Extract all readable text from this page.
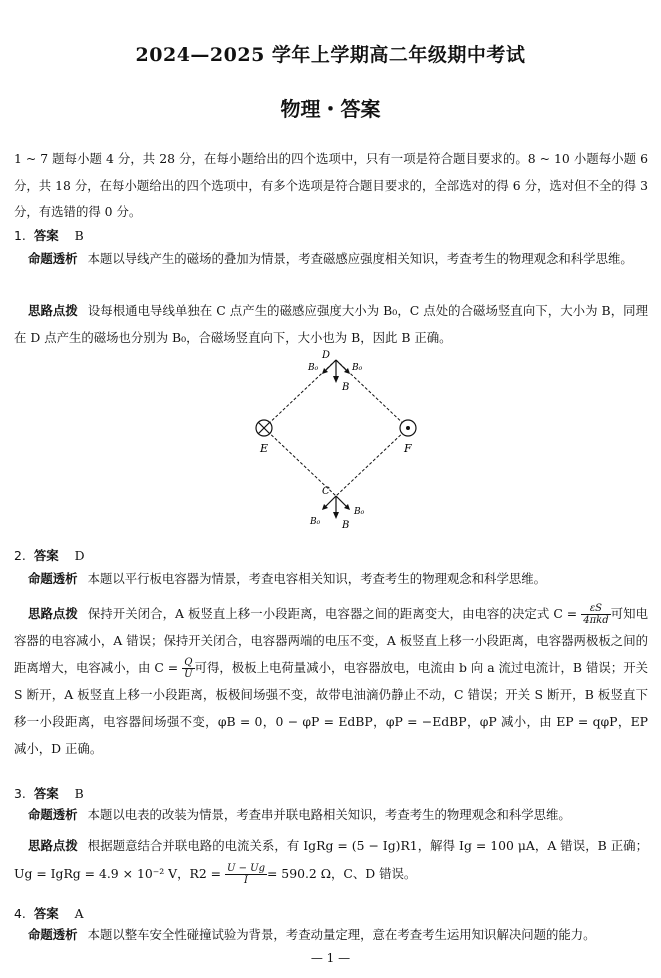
2024—2025 学年上学期高二年级期中考试
物理・答案
1 ~ 7 题每小题 4 分，共 28 分，在每小题给出的四个选项中，只有一项是符合题目要求的。8 ~ 10 小题每小题 6 分，共 18 分，在每小题给出的四个选项中，有多个选项是符合题目要求的，全部选对的得 6 分，选对但不全的得 3 分，有选错的得 0 分。
1. 答案 B
命题透析 本题以导线产生的磁场的叠加为情景，考查磁感应强度相关知识，考查考生的物理观念和科学思维。
思路点拨 设每根通电导线单独在 C 点产生的磁感应强度大小为 B₀，C 点处的合磁场竖直向下，大小为 B，同理在 D 点产生的磁场也分别为 B₀，合磁场竖直向下，大小也为 B，因此 B 正确。
E	F
D
B₀	B₀
B
C
B₀
B₀
B
2. 答案 D
命题透析 本题以平行板电容器为情景，考查电容相关知识，考查考生的物理观念和科学思维。
思路点拨 保持开关闭合，A 板竖直上移一小段距离，电容器之间的距离变大，由电容的决定式 $C = \frac{\varepsilon S}{\text{4πkd}}$ 可知电容器的电容减小，A 错误；保持开关闭合，电容器两端的电压不变，A 板竖直上移一小段距离，电容器两极板之间的距离增大，电容减小，由 $C = \frac{Q}{U}$ 可得，极板上电荷量减小，电容器放电，电流由 b 向 a 流过电流计，B 错误；开关 S 断开，A 板竖直上移一小段距离，板极间场强不变，故带电油滴仍静止不动，C 错误；开关 S 断开，B 板竖直下移一小段距离，电容器间场强不变，φB = 0，0 − φP = EdBP，φP = −EdBP，φP 减小，由 EP = qφP，EP 减小，D 正确。
3. 答案 B
命题透析 本题以电表的改装为情景，考查串并联电路相关知识，考查考生的物理观念和科学思维。
思路点拨 根据题意结合并联电路的电流关系，有 IgRg = (5 − Ig)R1，解得 Ig = 100 μA，A 错误，B 正确；Ug = IgRg = 4.9 × 10⁻² V，$R2 = \frac{U - Ug}{I} = 590.2$ Ω，C、D 错误。
4. 答案 A
命题透析 本题以整车安全性碰撞试验为背景，考查动量定理，意在考查考生运用知识解决问题的能力。
— 1 —
